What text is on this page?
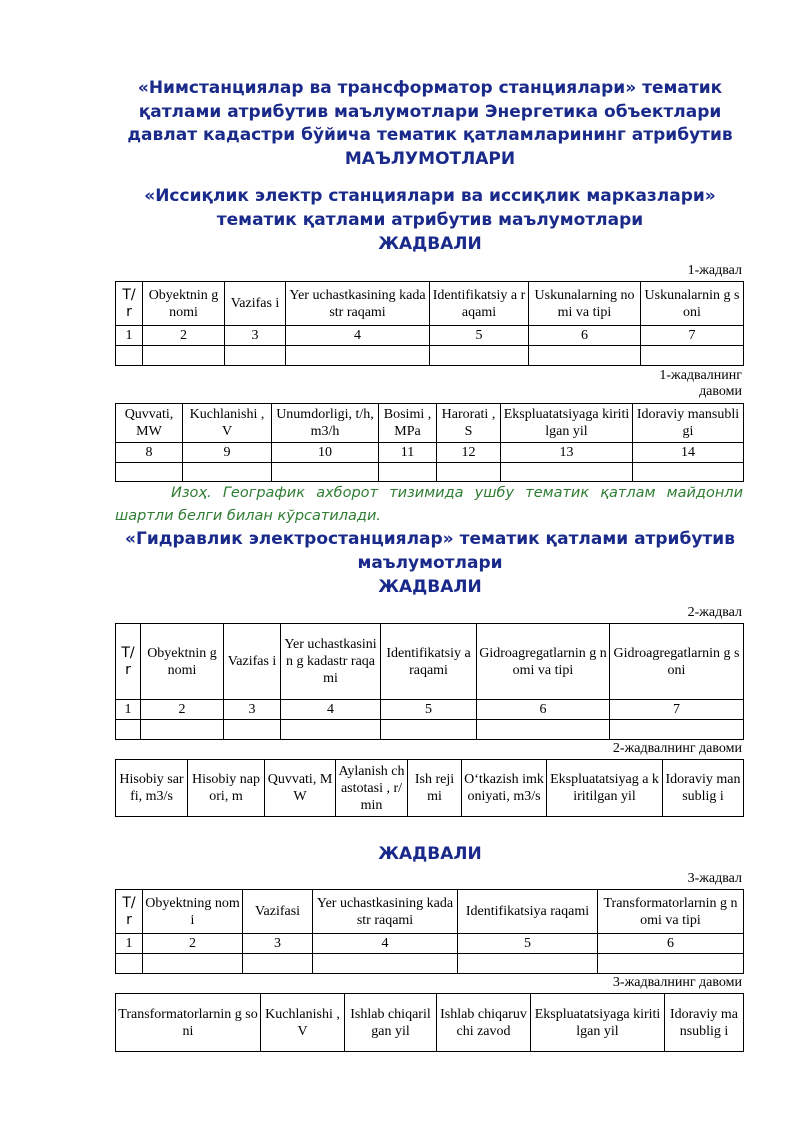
«Нимстанциялар ва трансформатор станциялари» тематик қатлами атрибутив маълумотлари Энергетика объектлари давлат кадастри бўйича тематик қатламларининг атрибутив МАЪЛУМОТЛАРИ
«Иссиқлик электр станциялари ва иссиқлик марказлари» тематик қатлами атрибутив маълумотлари
ЖАДВАЛИ
1-жадвал
Т/ r	Obyektnin g nomi	Vazifas i	Yer uchastkasining kadastr raqami	Identifikatsiy a raqami	Uskunalarning nomi va tipi	Uskunalarnin g soni
1	2	3	4	5	6	7

1-жадвалнинг давоми
Quvvati, MW	Kuchlanishi , V	Unumdorligi, t/h, m3/h	Bosimi , MPa	Harorati , S	Ekspluatatsiyaga kiritilgan yil	Idoraviy mansubligi
8	9	10	11	12	13	14

Изоҳ. Географик ахборот тизимида ушбу тематик қатлам майдонли шартли белги билан кўрсатилади.
«Гидравлик электростанциялар» тематик қатлами атрибутив маълумотлари
ЖАДВАЛИ
2-жадвал
Т/ r	Obyektnin g nomi	Vazifas i	Yer uchastkasinin g kadastr raqami	Identifikatsiy a raqami	Gidroagregatlarnin g nomi va tipi	Gidroagregatlarnin g soni
1	2	3	4	5	6	7

2-жадвалнинг давоми
Hisobiy sarfi, m3/s	Hisobiy napori, m	Quvvati, MW	Aylanish chastotasi , r/min	Ish rejimi	Oʻtkazish imkoniyati, m3/s	Ekspluatatsiyag a kiritilgan yil	Idoraviy mansublig i
ЖАДВАЛИ
3-жадвал
Т/ r	Obyektning nomi	Vazifasi	Yer uchastkasining kadastr raqami	Identifikatsiya raqami	Transformatorlarnin g nomi va tipi
1	2	3	4	5	6

3-жадвалнинг давоми
Transformatorlarnin g soni	Kuchlanishi , V	Ishlab chiqarilgan yil	Ishlab chiqaruvchi zavod	Ekspluatatsiyaga kiritilgan yil	Idoraviy mansublig i
